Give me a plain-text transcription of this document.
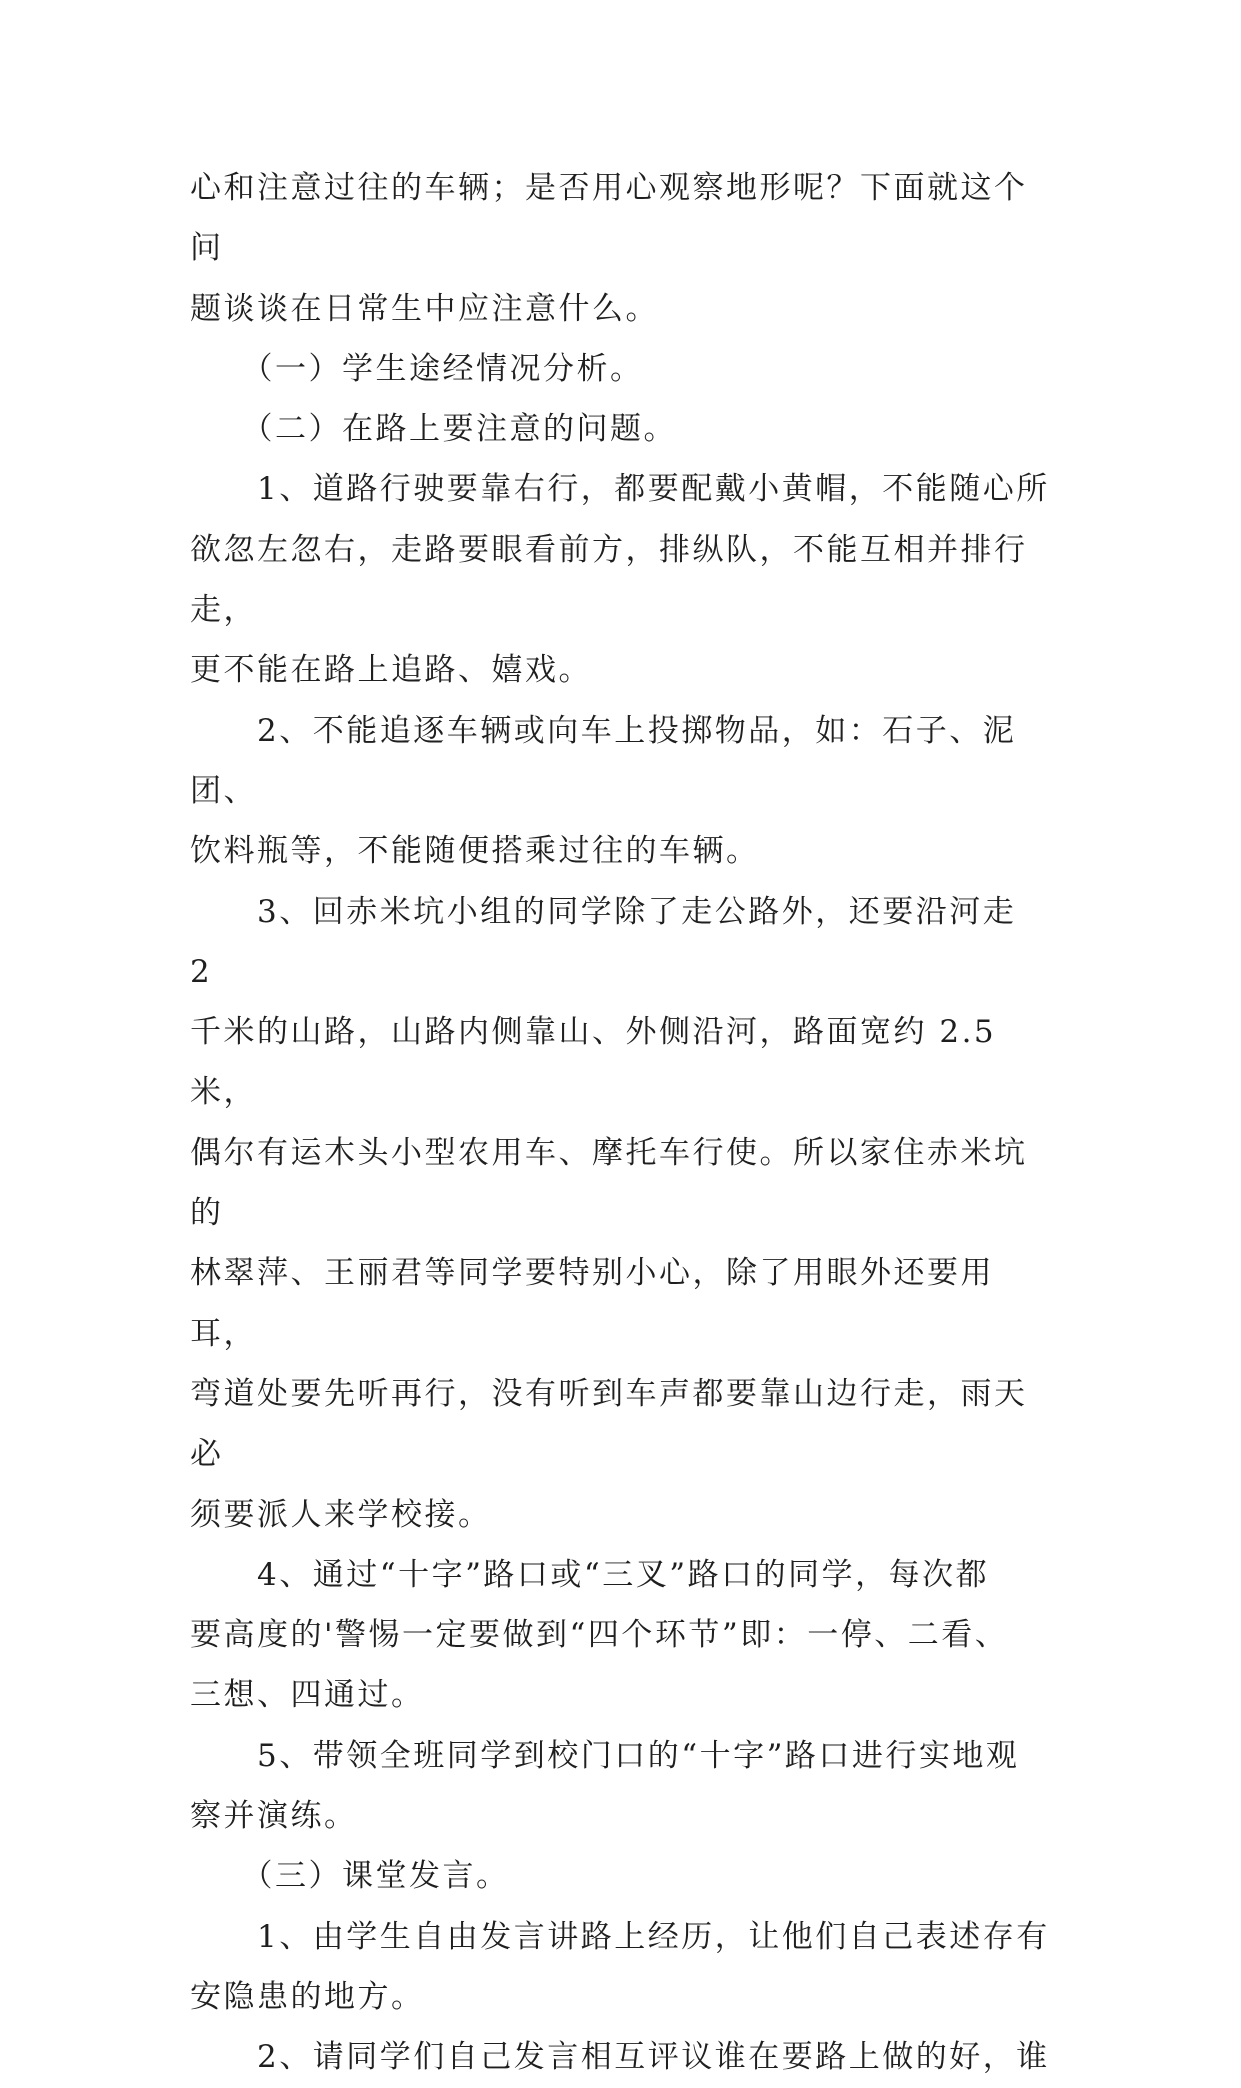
心和注意过往的车辆；是否用心观察地形呢？下面就这个问
题谈谈在日常生中应注意什么。

　　（一）学生途经情况分析。

　　（二）在路上要注意的问题。

　　1、道路行驶要靠右行，都要配戴小黄帽，不能随心所
欲忽左忽右，走路要眼看前方，排纵队，不能互相并排行走，
更不能在路上追路、嬉戏。

　　2、不能追逐车辆或向车上投掷物品，如：石子、泥团、
饮料瓶等，不能随便搭乘过往的车辆。

　　3、回赤米坑小组的同学除了走公路外，还要沿河走 2
千米的山路，山路内侧靠山、外侧沿河，路面宽约 2.5 米，
偶尔有运木头小型农用车、摩托车行使。所以家住赤米坑的
林翠萍、王丽君等同学要特别小心，除了用眼外还要用耳，
弯道处要先听再行，没有听到车声都要靠山边行走，雨天必
须要派人来学校接。

　　4、通过“十字”路口或“三叉”路口的同学，每次都
要高度的'警惕一定要做到“四个环节”即：一停、二看、
三想、四通过。

　　5、带领全班同学到校门口的“十字”路口进行实地观
察并演练。

　　（三）课堂发言。

　　1、由学生自由发言讲路上经历，让他们自己表述存有
安隐患的地方。

　　2、请同学们自己发言相互评议谁在要路上做的好，谁
